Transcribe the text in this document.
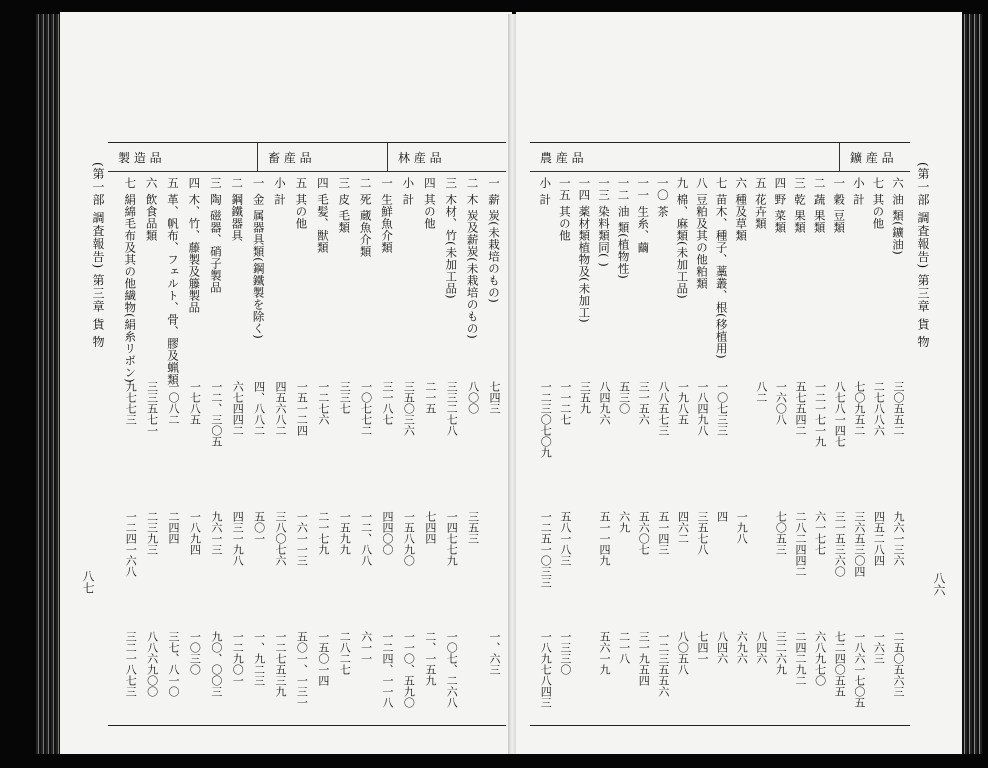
(第一部 調査報告) 第三章 貨 物
八七
林 産 品
畜 産 品
製 造 品
一 薪 炭(未栽培のもの)
七四三
一、六三
二 木 炭及薪炭(未栽培のもの)
八〇〇
三五三
三 木材、竹(未加工品)
三三二七八
一四七七九
一〇七、二六八
四 其の他
二一五
七四四
二、一五九
小 計
三五〇三六
一五八九〇
一一〇、五九〇
一 生鮮魚介類
三一八七
四四〇〇
一二四、一一八
二 死 蔵魚介類
一〇七七二
一二、八八
六一一
三 皮 毛類
三三七
一五九九
二八二七
四 毛髪、獣類
一二七六
二一七九
一五〇一四
五 其の他
一五一二四
一六一一三
五〇一、一三一
小 計
四五六八二
三八〇七六
一二七五三九
一 金 属器具類(鋼鐵製を除く)
四、八八二
五〇一
一、九二三
二 鋼鐵器具
六七四四二
四三一九八
一二九〇一
三 陶 磁器、硝子製品
一二、三〇五
九六一三
九〇、〇〇三
四 木、竹、藤製及籐製品
一七八五
一八九四
一〇三〇
五 革、帆布、フェルト、骨、膠及蝋類
一〇八二
二四四
三七、八一〇
六 飲食品類
三三五七一
二三九三
八八六九〇〇
七 絹綿毛布及其の他繊物(絹糸リボン)
九七七三
一二四一六八
三二一八七三
(第一部 調査報告) 第三章 貨 物
八六
鑛 産 品
農 産 品
六 油 類(鑛油)
三〇五五二
九六一三六
二五〇五六三
七 其の他
二七八八六
四五二八四
一六三
小 計
七〇九五二
三六五三〇四
一八六一七〇五
一 穀 豆類
八七八一四七
三一五三六〇
七二四〇五五
二 蔬 果類
一二一七一九
六一七七
六八九七〇
三 乾 果類
五七五四二
二八二四四二
二四二九二
四 野 菜類
一六〇八
七〇五三
三二六九
五 花卉類
八二
八四六
六 種及草類
一九八
六九六
七 苗木、種子、藁叢、根(移植用)
一〇七三三
四
八四六
八 豆粕及其の他粕類
一八四九八
三五七八
七四一
九 棉、麻類(未加工品)
一九八五
四六二
八〇五八
一〇 茶
八八五七三
五一四三
一二三五五六
一一 生糸、繭
三一五六
五六〇七
三一九五四
一二 油 類(植物性)
五三〇
六九
二一八
一三 染料類同( )
八四九六
五一一四九
五六一九
一四 薬材類植物及(未加工)
三五九
一五 其の他
一一二七
五八一八三
一三三〇
小 計
一二三〇七〇九
一二五一〇三三
一八九七八四三
